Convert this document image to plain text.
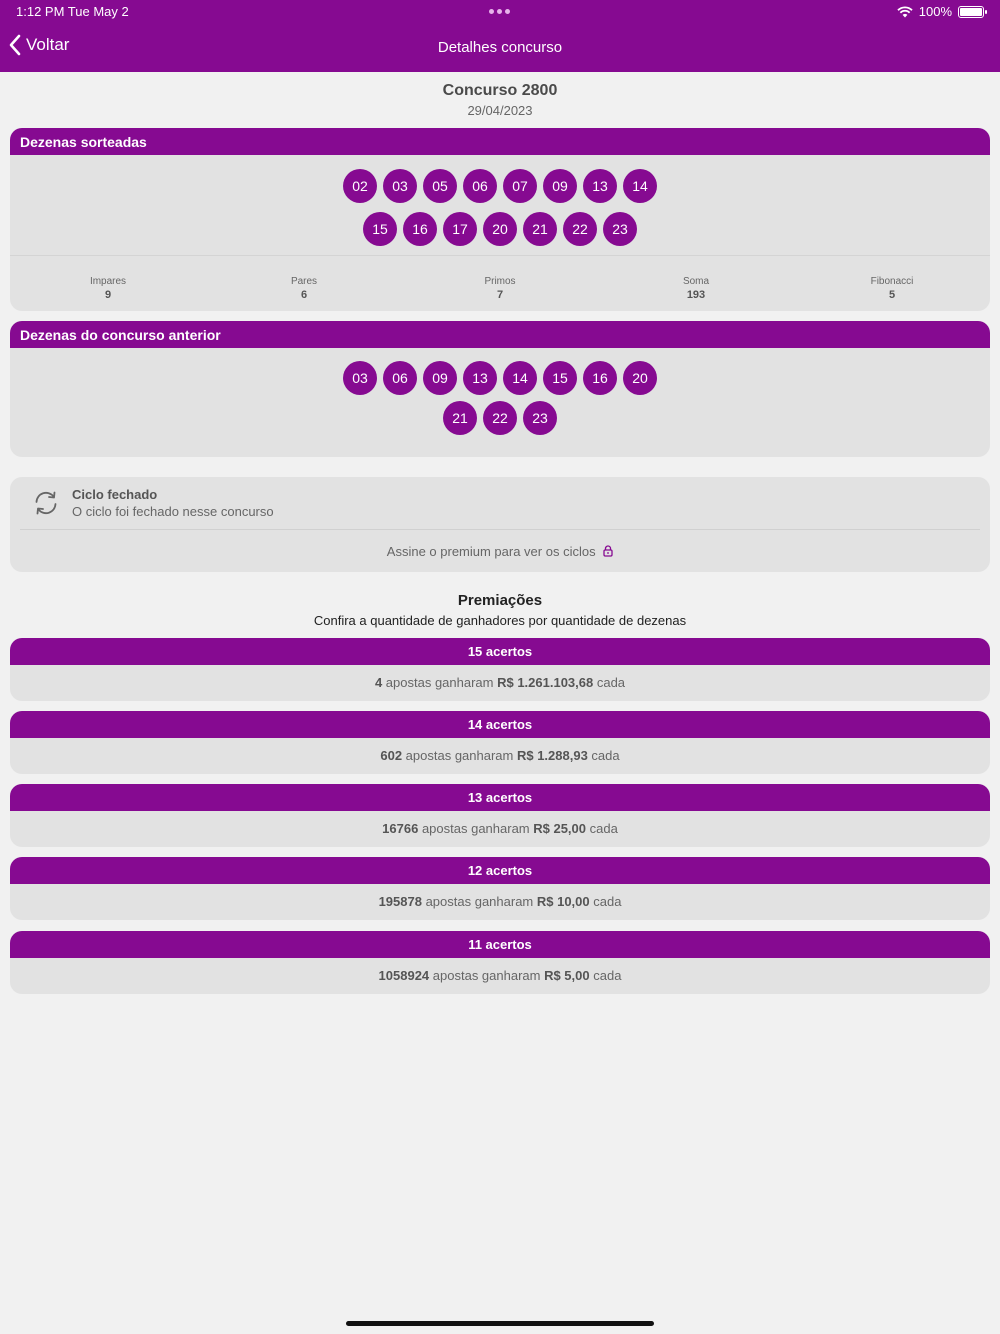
1:12 PM Tue May 2	100%
Voltar	Detalhes concurso
Concurso 2800
29/04/2023
Dezenas sorteadas
02	03	05	06	07	09	13	14
15	16	17	20	21	22	23
Impares
9
Pares
6
Primos
7
Soma
193
Fibonacci
5
Dezenas do concurso anterior
03	06	09	13	14	15	16	20
21	22	23
Ciclo fechado
O ciclo foi fechado nesse concurso
Assine o premium para ver os ciclos
Premiações
Confira a quantidade de ganhadores por quantidade de dezenas
15 acertos
4 apostas ganharam R$ 1.261.103,68 cada
14 acertos
602 apostas ganharam R$ 1.288,93 cada
13 acertos
16766 apostas ganharam R$ 25,00 cada
12 acertos
195878 apostas ganharam R$ 10,00 cada
11 acertos
1058924 apostas ganharam R$ 5,00 cada
